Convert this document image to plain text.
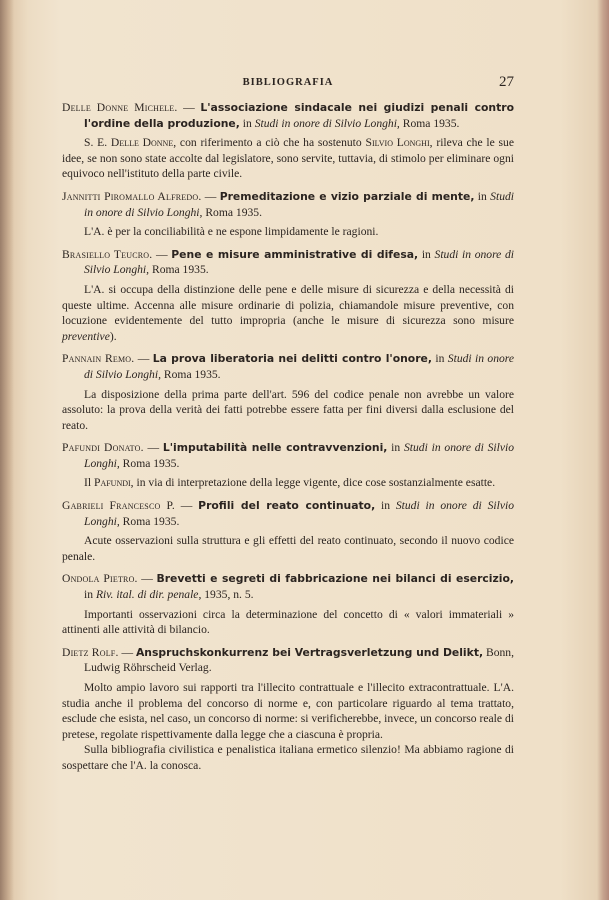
BIBLIOGRAFIA	27

Delle Donne Michele. — L'associazione sindacale nei giudizi penali contro l'ordine della produzione, in Studi in onore di Silvio Longhi, Roma 1935.

S. E. Delle Donne, con riferimento a ciò che ha sostenuto Silvio Longhi, rileva che le sue idee, se non sono state accolte dal legislatore, sono servite, tuttavia, di stimolo per eliminare ogni equivoco nell'istituto della parte civile.

Jannitti Piromallo Alfredo. — Premeditazione e vizio parziale di mente, in Studi in onore di Silvio Longhi, Roma 1935.

L'A. è per la conciliabilità e ne espone limpidamente le ragioni.

Brasiello Teucro. — Pene e misure amministrative di difesa, in Studi in onore di Silvio Longhi, Roma 1935.

L'A. si occupa della distinzione delle pene e delle misure di sicurezza e della necessità di queste ultime. Accenna alle misure ordinarie di polizia, chiamandole misure preventive, con locuzione evidentemente del tutto impropria (anche le misure di sicurezza sono misure preventive).

Pannain Remo. — La prova liberatoria nei delitti contro l'onore, in Studi in onore di Silvio Longhi, Roma 1935.

La disposizione della prima parte dell'art. 596 del codice penale non avrebbe un valore assoluto: la prova della verità dei fatti potrebbe essere fatta per fini diversi dalla esclusione del reato.

Pafundi Donato. — L'imputabilità nelle contravvenzioni, in Studi in onore di Silvio Longhi, Roma 1935.

Il Pafundi, in via di interpretazione della legge vigente, dice cose sostanzialmente esatte.

Gabrieli Francesco P. — Profili del reato continuato, in Studi in onore di Silvio Longhi, Roma 1935.

Acute osservazioni sulla struttura e gli effetti del reato continuato, secondo il nuovo codice penale.

Ondola Pietro. — Brevetti e segreti di fabbricazione nei bilanci di esercizio, in Riv. ital. di dir. penale, 1935, n. 5.

Importanti osservazioni circa la determinazione del concetto di « valori immateriali » attinenti alle attività di bilancio.

Dietz Rolf. — Anspruchskonkurrenz bei Vertragsverletzung und Delikt, Bonn, Ludwig Röhrscheid Verlag.

Molto ampio lavoro sui rapporti tra l'illecito contrattuale e l'illecito extracontrattuale. L'A. studia anche il problema del concorso di norme e, con particolare riguardo al tema trattato, esclude che esista, nel caso, un concorso di norme: si verificherebbe, invece, un concorso reale di pretese, regolate rispettivamente dalla legge che a ciascuna è propria.

Sulla bibliografia civilistica e penalistica italiana ermetico silenzio! Ma abbiamo ragione di sospettare che l'A. la conosca.
